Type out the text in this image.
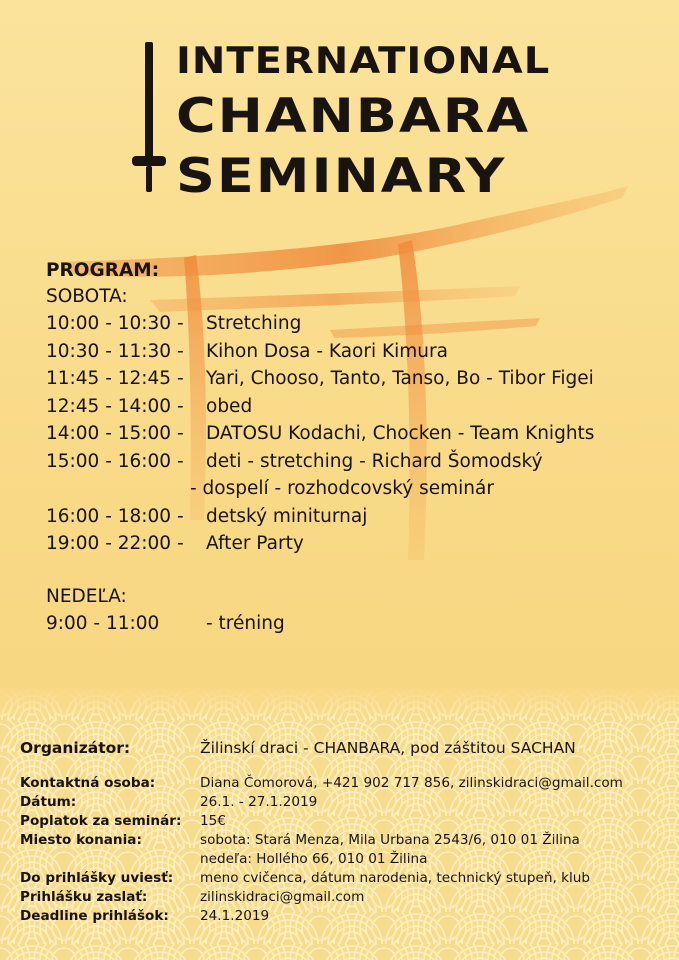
INTERNATIONAL
CHANBARA
SEMINARY
PROGRAM:
SOBOTA:
10:00 - 10:30 - Stretching
10:30 - 11:30 - Kihon Dosa - Kaori Kimura
11:45 - 12:45 - Yari, Chooso, Tanto, Tanso, Bo - Tibor Figei
12:45 - 14:00 - obed
14:00 - 15:00 - DATOSU Kodachi, Chocken - Team Knights
15:00 - 16:00 - deti - stretching - Richard Šomodský
- dospelí - rozhodcovský seminár
16:00 - 18:00 - detský miniturnaj
19:00 - 22:00 - After Party
NEDEĽA:
9:00 - 11:00	- tréning
Organizátor:	Žilinskí draci - CHANBARA, pod záštitou SACHAN
Kontaktná osoba:	Diana Čomorová, +421 902 717 856, zilinskidraci@gmail.com
Dátum:	26.1. - 27.1.2019
Poplatok za seminár: 15€
Miesto konania:	sobota: Stará Menza, Mila Urbana 2543/6, 010 01 Žilina
nedeľa: Hollého 66, 010 01 Žilina
Do prihlášky uviesť: meno cvičenca, dátum narodenia, technický stupeň, klub
Prihlášku zaslať:	zilinskidraci@gmail.com
Deadline prihlášok: 24.1.2019
